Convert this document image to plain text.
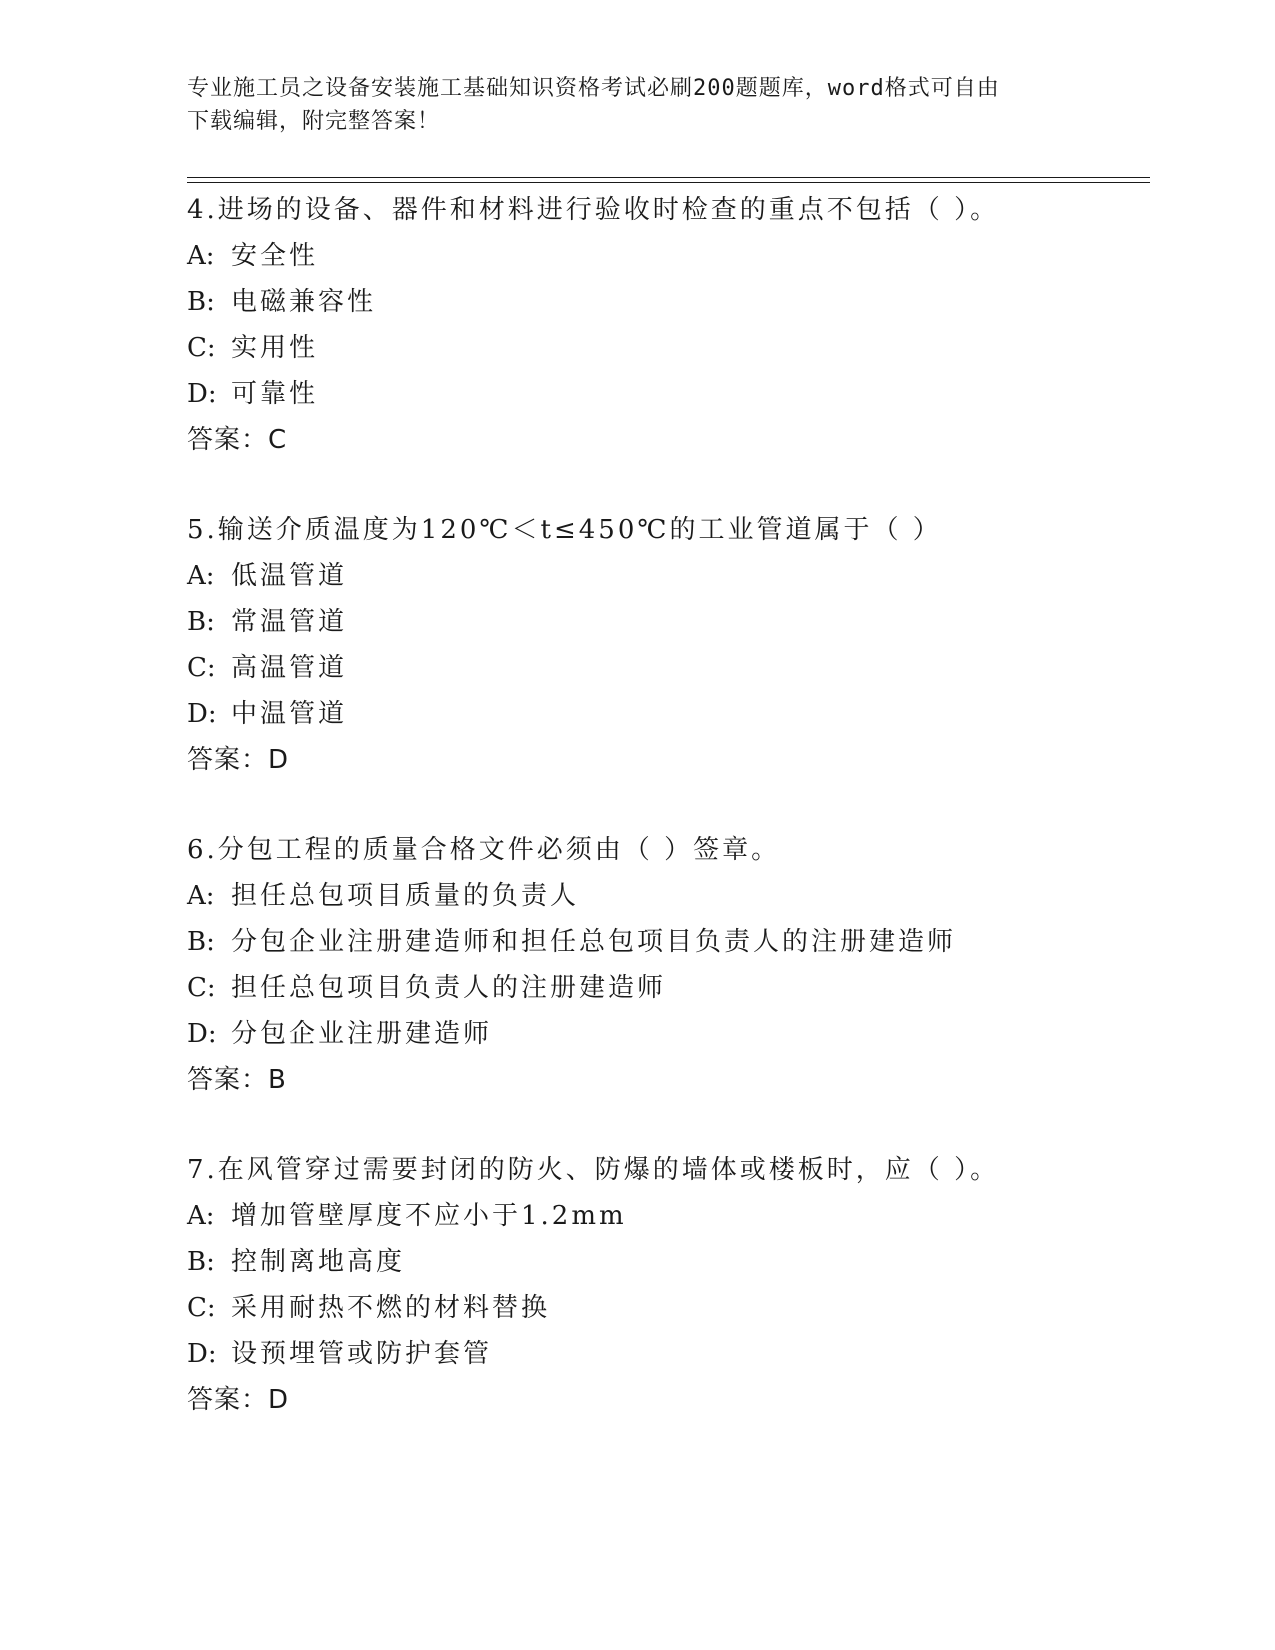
专业施工员之设备安装施工基础知识资格考试必刷200题题库，word格式可自由
下载编辑，附完整答案！
4.进场的设备、器件和材料进行验收时检查的重点不包括（ ）。
A: 安全性
B: 电磁兼容性
C: 实用性
D: 可靠性
答案：C
5.输送介质温度为120℃＜t≤450℃的工业管道属于（ ）
A: 低温管道
B: 常温管道
C: 高温管道
D: 中温管道
答案：D
6.分包工程的质量合格文件必须由（ ）签章。
A: 担任总包项目质量的负责人
B: 分包企业注册建造师和担任总包项目负责人的注册建造师
C: 担任总包项目负责人的注册建造师
D: 分包企业注册建造师
答案：B
7.在风管穿过需要封闭的防火、防爆的墙体或楼板时，应（ ）。
A: 增加管壁厚度不应小于1.2mm
B: 控制离地高度
C: 采用耐热不燃的材料替换
D: 设预埋管或防护套管
答案：D
